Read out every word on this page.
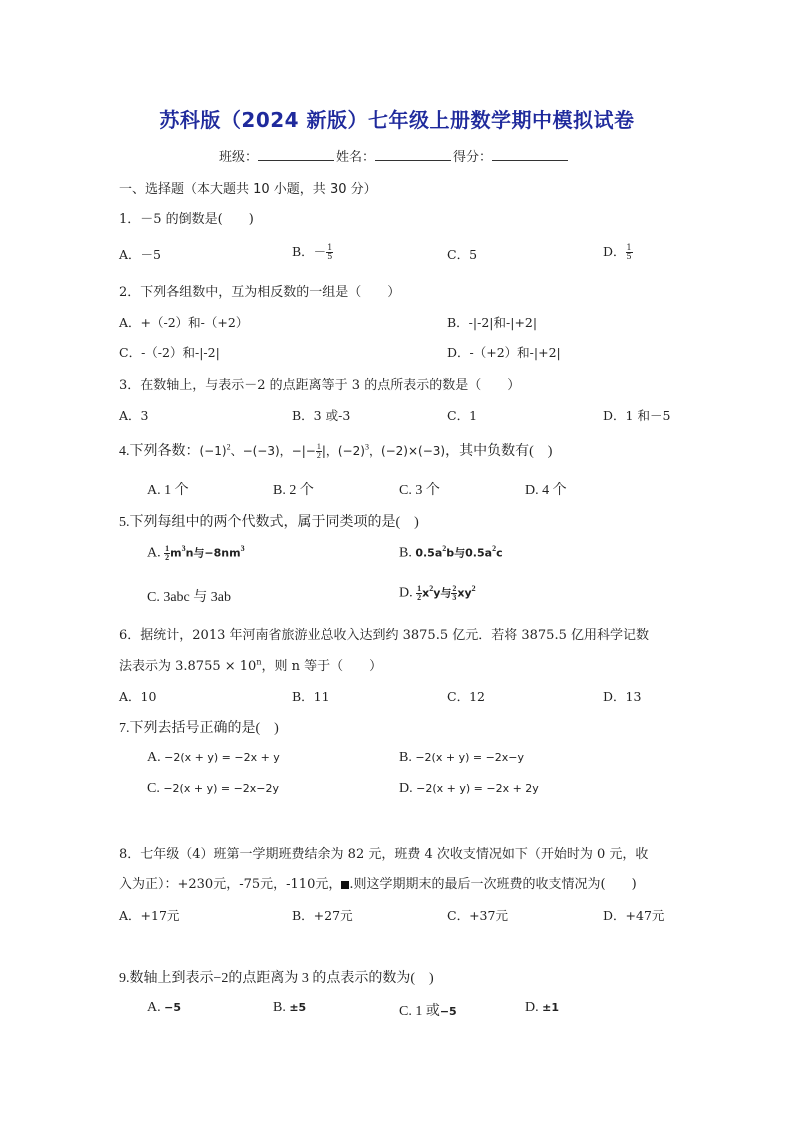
苏科版（2024 新版）七年级上册数学期中模拟试卷
班级：	姓名：	得分：
一、选择题（本大题共 10 小题，共 30 分）
1．－5 的倒数是(　　)
A．－5	B．－ $\frac{1}{5}$	C．5	D． $\frac{1}{5}$
2．下列各组数中，互为相反数的一组是（　　）
A．+（-2）和-（+2）	B．-|-2|和-|+2|
C．-（-2）和-|-2|	D．-（+2）和-|+2|
3．在数轴上，与表示－2 的点距离等于 3 的点所表示的数是（　　）
A．3	B．3 或-3	C．1	D．1 和－5
4.下列各数：$(-1)^2$、−(−3)，−|− $\frac{1}{2}$ |，$(-2)^3$，(−2)×(−3)，其中负数有(　)
A. 1 个	B. 2 个	C. 3 个	D. 4 个
5.下列每组中的两个代数式，属于同类项的是(　)
A. $\frac{1}{2} m^3n$与$-8nm^3$	B. $0.5a^2b$与$0.5a^2c$
C. 3abc 与 3ab	D. $\frac{1}{2} x^2y$与 $\frac{2}{3} xy^2$
6．据统计，2013 年河南省旅游业总收入达到约 3875.5 亿元．若将 3875.5 亿用科学记数
法表示为 $3.8755 \times 10^n$，则 n 等于（　　）
A．10	B．11	C．12	D．13
7.下列去括号正确的是(　)
A. −2(x + y) = −2x + y	B. −2(x + y) = −2x−y
C. −2(x + y) = −2x−2y	D. −2(x + y) = −2x + 2y
8．七年级（4）班第一学期班费结余为 82 元，班费 4 次收支情况如下（开始时为 0 元，收
入为正）：+230元，-75元，-110元， .则这学期期末的最后一次班费的收支情况为(　　)
A．+17元	B．+27元	C．+37元	D．+47元
9.数轴上到表示−2的点距离为 3 的点表示的数为(　)
A. −5	B. ±5	C. 1 或−5	D. ±1
